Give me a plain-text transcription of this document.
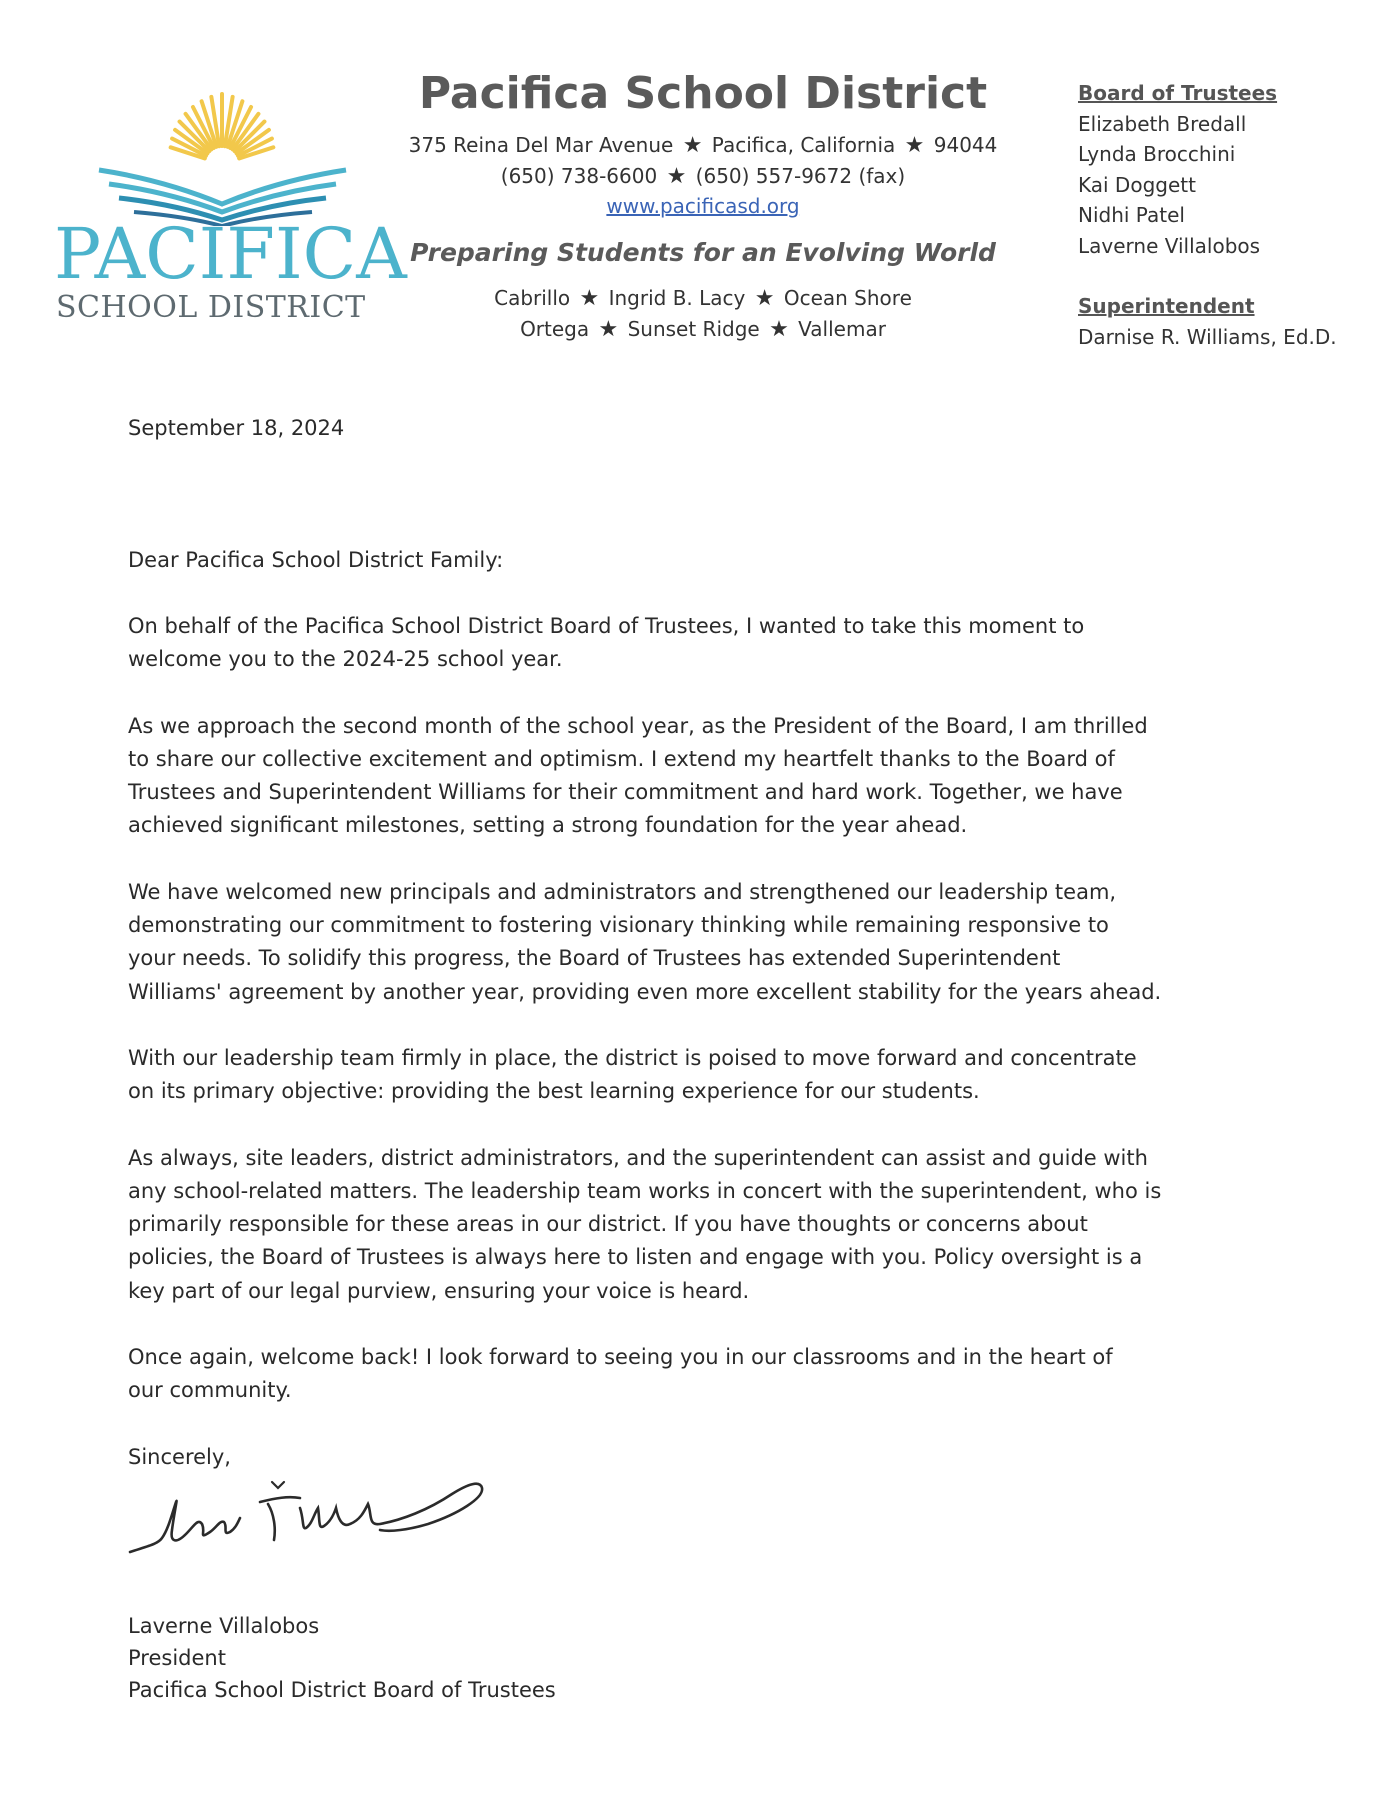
PACIFICA
SCHOOL DISTRICT
Pacifica School District
375 Reina Del Mar Avenue ★ Pacifica, California ★ 94044
(650) 738-6600 ★ (650) 557-9672 (fax)
www.pacificasd.org
Preparing Students for an Evolving World
Cabrillo ★ Ingrid B. Lacy ★ Ocean Shore
Ortega ★ Sunset Ridge ★ Vallemar
Board of Trustees
Elizabeth Bredall
Lynda Brocchini
Kai Doggett
Nidhi Patel
Laverne Villalobos
Superintendent
Darnise R. Williams, Ed.D.
September 18, 2024
Dear Pacifica School District Family:
On behalf of the Pacifica School District Board of Trustees, I wanted to take this moment to
welcome you to the 2024-25 school year.
As we approach the second month of the school year, as the President of the Board, I am thrilled
to share our collective excitement and optimism. I extend my heartfelt thanks to the Board of
Trustees and Superintendent Williams for their commitment and hard work. Together, we have
achieved significant milestones, setting a strong foundation for the year ahead.
We have welcomed new principals and administrators and strengthened our leadership team,
demonstrating our commitment to fostering visionary thinking while remaining responsive to
your needs. To solidify this progress, the Board of Trustees has extended Superintendent
Williams' agreement by another year, providing even more excellent stability for the years ahead.
With our leadership team firmly in place, the district is poised to move forward and concentrate
on its primary objective: providing the best learning experience for our students.
As always, site leaders, district administrators, and the superintendent can assist and guide with
any school-related matters. The leadership team works in concert with the superintendent, who is
primarily responsible for these areas in our district. If you have thoughts or concerns about
policies, the Board of Trustees is always here to listen and engage with you. Policy oversight is a
key part of our legal purview, ensuring your voice is heard.
Once again, welcome back! I look forward to seeing you in our classrooms and in the heart of
our community.
Sincerely,
Laverne Villalobos
President
Pacifica School District Board of Trustees
